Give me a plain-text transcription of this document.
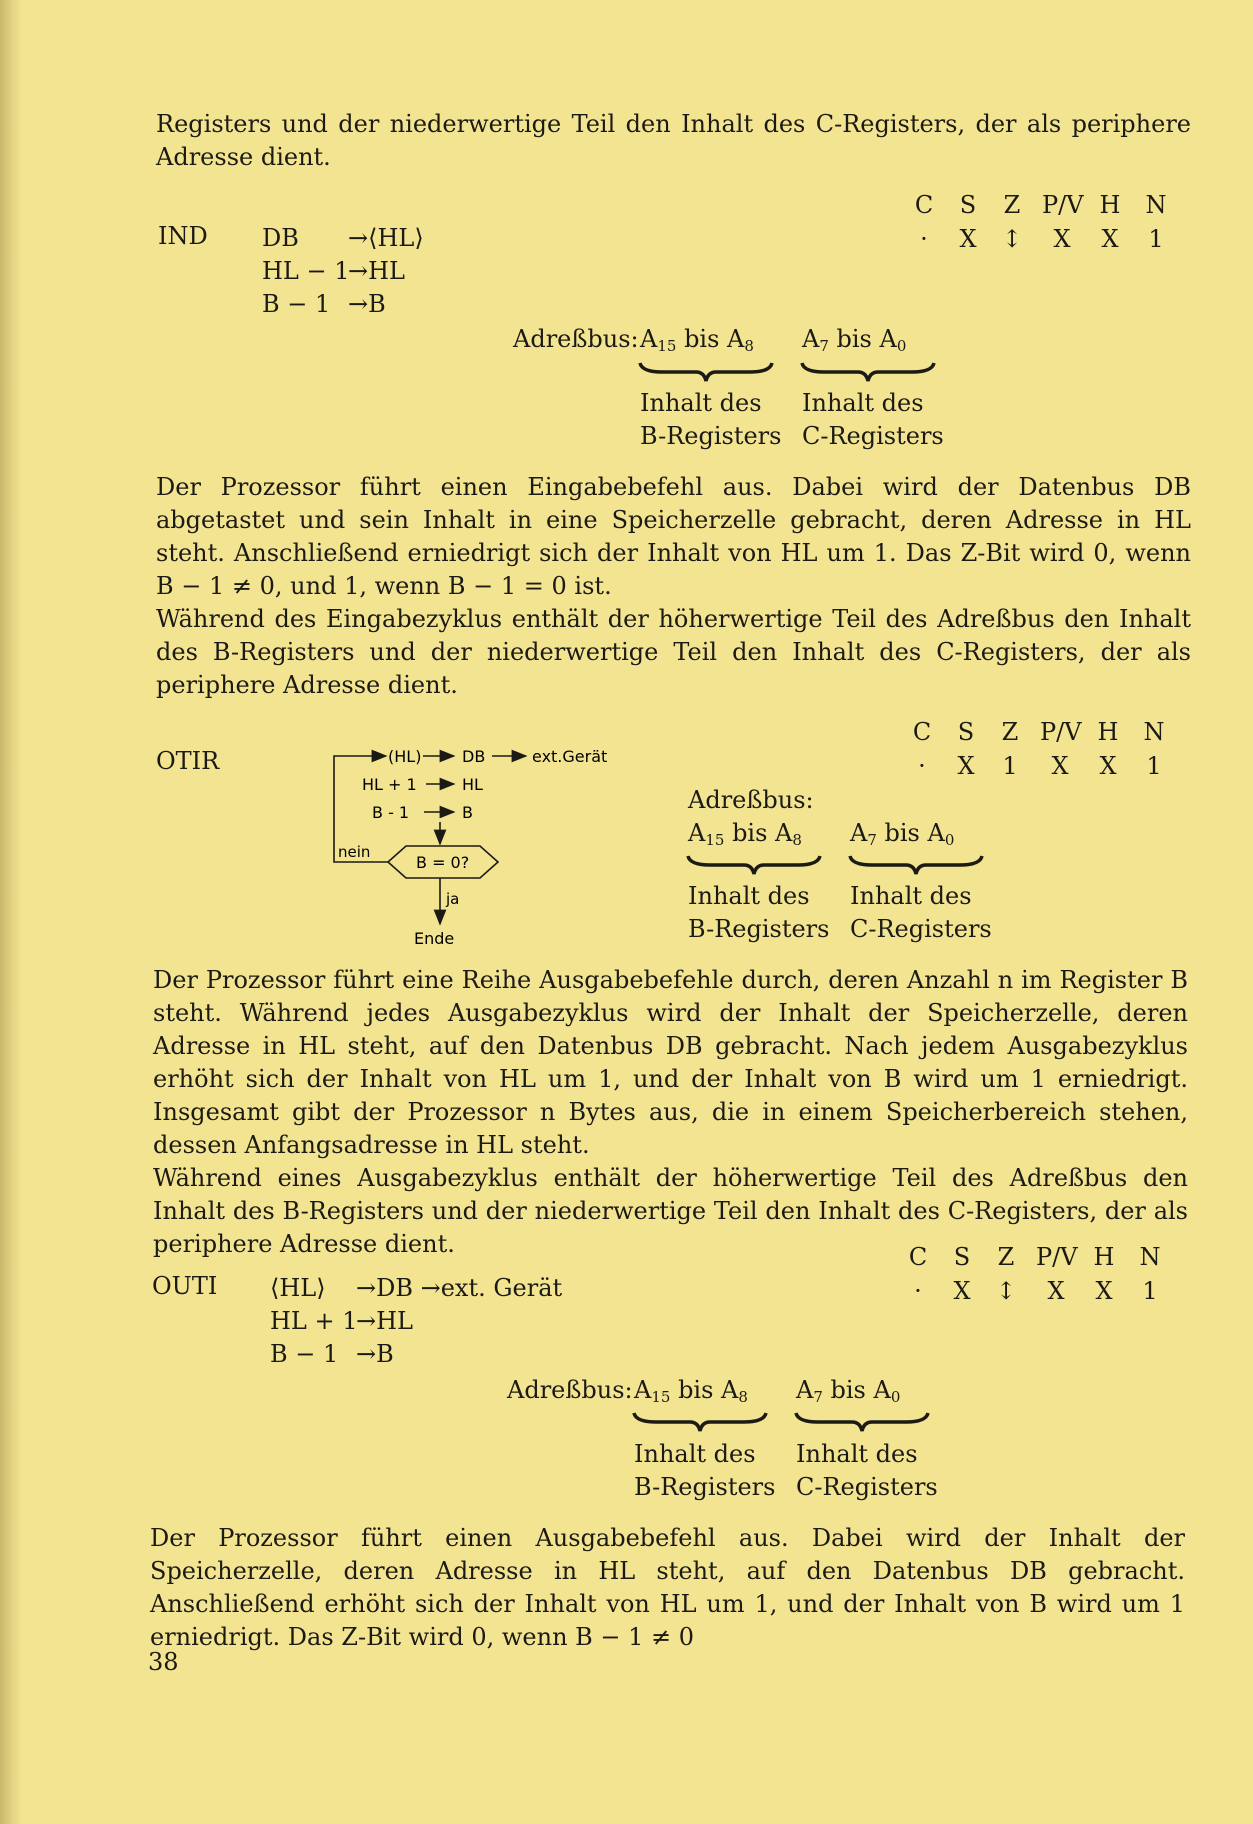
Registers und der niederwertige Teil den Inhalt des C-Registers, der als periphere Adresse dient.

C	S	Z P/V H	N
·	X	↕	X	X	1
IND DB →⟨HL⟩
HL − 1
→HL
B − 1 →B
Adreßbus: $A_{15}$ bis $A_8$ $A_7$ bis $A_0$
Inhalt des
B-Registers
Inhalt des
C-Registers

Der Prozessor führt einen Eingabebefehl aus. Dabei wird der Datenbus DB abgetastet und sein Inhalt in eine Speicherzelle gebracht, deren Adresse in HL steht. Anschließend erniedrigt sich der Inhalt von HL um 1. Das Z-Bit wird 0, wenn B − 1 ≠ 0, und 1, wenn B − 1 = 0 ist.

Während des Eingabezyklus enthält der höherwertige Teil des Adreßbus den Inhalt des B-Registers und der niederwertige Teil den Inhalt des C-Registers, der als periphere Adresse dient.

OTIR	(HL)	DB	ext.Gerät
HL + 1	HL
B - 1	B
B = 0?
nein
ja
Ende
C	S	Z P/V H	N
·	X	1	X	X	1
Adreßbus:
$A_{15}$ bis $A_8$ $A_7$ bis $A_0$
Inhalt des
B-Registers
Inhalt des
C-Registers

Der Prozessor führt eine Reihe Ausgabebefehle durch, deren Anzahl n im Register B steht. Während jedes Ausgabezyklus wird der Inhalt der Speicherzelle, deren Adresse in HL steht, auf den Datenbus DB gebracht. Nach jedem Ausgabezyklus erhöht sich der Inhalt von HL um 1, und der Inhalt von B wird um 1 erniedrigt. Insgesamt gibt der Prozessor n Bytes aus, die in einem Speicherbereich stehen, dessen Anfangsadresse in HL steht.

Während eines Ausgabezyklus enthält der höherwertige Teil des Adreßbus den Inhalt des B-Registers und der niederwertige Teil den Inhalt des C-Registers, der als periphere Adresse dient.	C	S	Z P/V H	N
·	X	↕	X	X	1
OUTI ⟨HL⟩ →DB →ext. Gerät
HL + 1
→HL
B − 1 →B
Adreßbus: $A_{15}$ bis $A_8$ $A_7$ bis $A_0$
Inhalt des
B-Registers
Inhalt des
C-Registers

Der Prozessor führt einen Ausgabebefehl aus. Dabei wird der Inhalt der Speicherzelle, deren Adresse in HL steht, auf den Datenbus DB gebracht. Anschließend erhöht sich der Inhalt von HL um 1, und der Inhalt von B wird um 1 erniedrigt. Das Z-Bit wird 0, wenn B − 1 ≠ 0

38
